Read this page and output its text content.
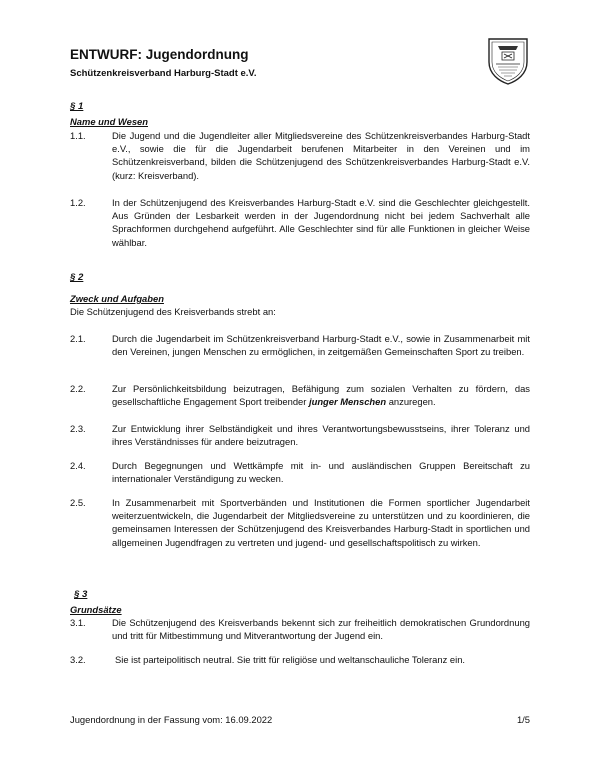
ENTWURF: Jugendordnung
Schützenkreisverband Harburg-Stadt e.V.
§ 1
Name und Wesen
1.1.	Die Jugend und die Jugendleiter aller Mitgliedsvereine des Schützenkreisverbandes Harburg-Stadt e.V., sowie die für die Jugendarbeit berufenen Mitarbeiter in den Vereinen und im Schützenkreisverband, bilden die Schützenjugend des Schützenkreisverbandes Harburg-Stadt e.V. (kurz: Kreisverband).
1.2.	In der Schützenjugend des Kreisverbandes Harburg-Stadt e.V. sind die Geschlechter gleichgestellt. Aus Gründen der Lesbarkeit werden in der Jugendordnung nicht bei jedem Sachverhalt alle Sprachformen durchgehend aufgeführt. Alle Geschlechter sind für alle Funktionen in gleicher Weise wählbar.
§ 2
Zweck und Aufgaben
Die Schützenjugend des Kreisverbands strebt an:
2.1.	Durch die Jugendarbeit im Schützenkreisverband Harburg-Stadt e.V., sowie in Zusammenarbeit mit den Vereinen, jungen Menschen zu ermöglichen, in zeitgemäßen Gemeinschaften Sport zu treiben.
2.2.	Zur Persönlichkeitsbildung beizutragen, Befähigung zum sozialen Verhalten zu fördern, das gesellschaftliche Engagement Sport treibender junger Menschen anzuregen.
2.3.	Zur Entwicklung ihrer Selbständigkeit und ihres Verantwortungsbewusstseins, ihrer Toleranz und ihres Verständnisses für andere beizutragen.
2.4.	Durch Begegnungen und Wettkämpfe mit in- und ausländischen Gruppen Bereitschaft zu internationaler Verständigung zu wecken.
2.5.	In Zusammenarbeit mit Sportverbänden und Institutionen die Formen sportlicher Jugendarbeit weiterzuentwickeln, die Jugendarbeit der Mitgliedsvereine zu unterstützen und zu koordinieren, die gemeinsamen Interessen der Schützenjugend des Kreisverbandes Harburg-Stadt in sportlichen und allgemeinen Jugendfragen zu vertreten und jugend- und gesellschaftspolitisch zu wirken.
§ 3
Grundsätze
3.1.	Die Schützenjugend des Kreisverbands bekennt sich zur freiheitlich demokratischen Grundordnung und tritt für Mitbestimmung und Mitverantwortung der Jugend ein.
3.2.	Sie ist parteipolitisch neutral. Sie tritt für religiöse und weltanschauliche Toleranz ein.
Jugendordnung in der Fassung vom: 16.09.2022	1/5
